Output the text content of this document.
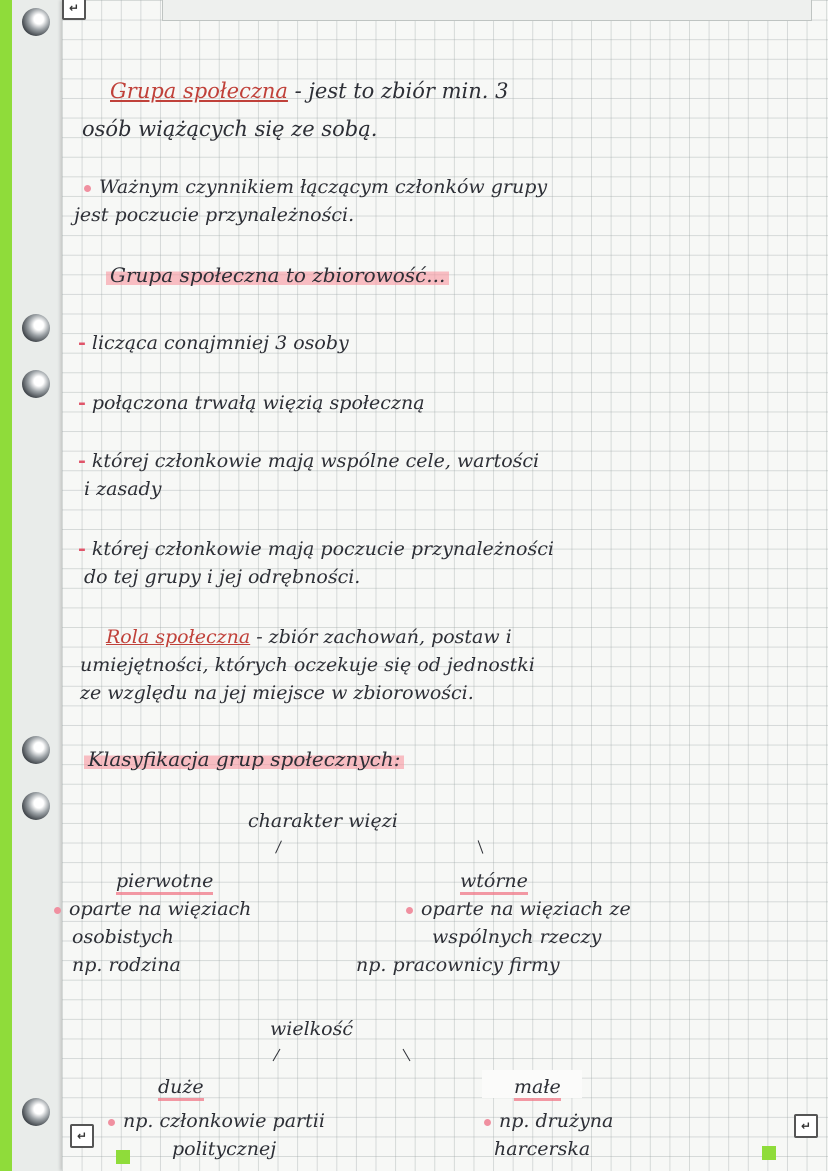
Grupa społeczna - jest to zbiór min. 3
osób wiążących się ze sobą.
Ważnym czynnikiem łączącym członków grupy
jest poczucie przynależności.
Grupa społeczna to zbiorowość...
- licząca conajmniej 3 osoby
- połączona trwałą więzią społeczną
- której członkowie mają wspólne cele, wartości
i zasady
- której członkowie mają poczucie przynależności
do tej grupy i jej odrębności.
Rola społeczna - zbiór zachowań, postaw i
umiejętności, których oczekuje się od jednostki
ze względu na jej miejsce w zbiorowości.
Klasyfikacja grup społecznych:
charakter więzi
pierwotne
oparte na więziach
osobistych
np. rodzina
wtórne
oparte na więziach ze
wspólnych rzeczy
np. pracownicy firmy
wielkość
duże
np. członkowie partii
politycznej
małe
np. drużyna
harcerska
↵
↵
↵
